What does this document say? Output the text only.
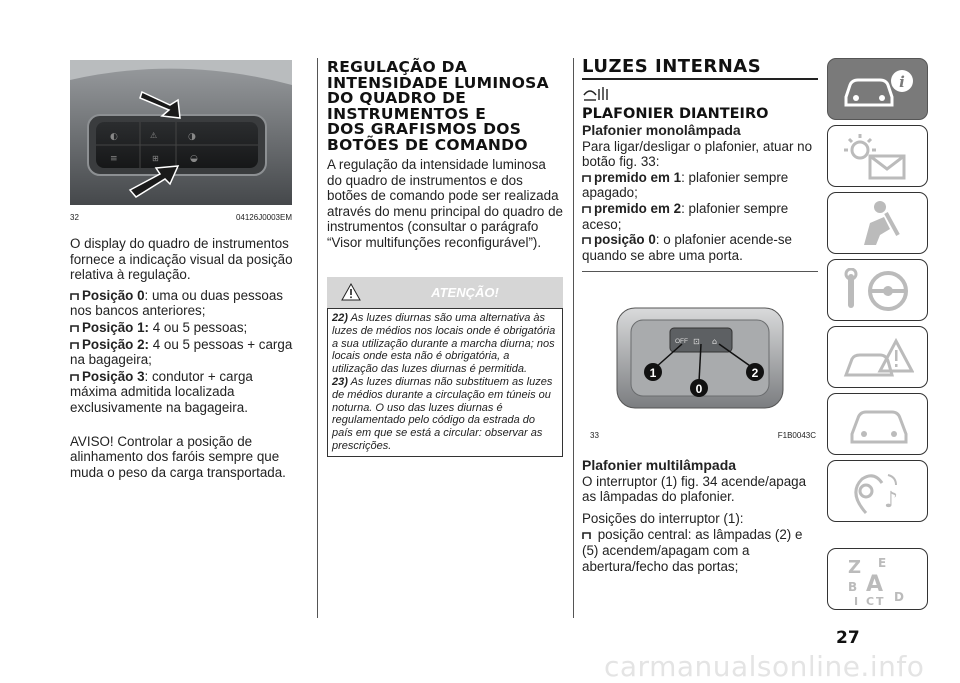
◐	⚠	◑
≡	⊞	◒
32	04126J0003EM

O display do quadro de instrumentos fornece a indicação visual da posição relativa à regulação.

Posição 0: uma ou duas pessoas nos bancos anteriores;
Posição 1: 4 ou 5 pessoas;
Posição 2: 4 ou 5 pessoas + carga na bagageira;
Posição 3: condutor + carga máxima admitida localizada exclusivamente na bagageira.

AVISO! Controlar a posição de alinhamento dos faróis sempre que muda o peso da carga transportada.

REGULAÇÃO DA
INTENSIDADE LUMINOSA
DO QUADRO DE
INSTRUMENTOS E
DOS GRAFISMOS DOS
BOTÕES DE COMANDO

A regulação da intensidade luminosa do quadro de instrumentos e dos botões de comando pode ser realizada através do menu principal do quadro de instrumentos (consultar o parágrafo “Visor multifunções reconfigurável”).

ATENÇÃO!
22) As luzes diurnas são uma alternativa às luzes de médios nos locais onde é obrigatória a sua utilização durante a marcha diurna; nos locais onde esta não é obrigatória, a utilização das luzes diurnas é permitida.
23) As luzes diurnas não substituem as luzes de médios durante a circulação em túneis ou noturna. O uso das luzes diurnas é regulamentado pelo código da estrada do país em que se está a circular: observar as prescrições.
LUZES INTERNAS
PLAFONIER DIANTEIRO
Plafonier monolâmpada
Para ligar/desligar o plafonier, atuar no botão fig. 33:
premido em 1: plafonier sempre apagado;
premido em 2: plafonier sempre aceso;
posição 0: o plafonier acende-se quando se abre uma porta.
OFF ⊡ ⌂
1
0
2
33	F1B0043C
Plafonier multilâmpada

O interruptor (1) fig. 34 acende/apaga as lâmpadas do plafonier.

Posições do interruptor (1):

posição central: as lâmpadas (2) e (5) acendem/apagam com a abertura/fecho das portas;
i
♪
Z E
B A
I C T D
27
carmanualsonline.info
